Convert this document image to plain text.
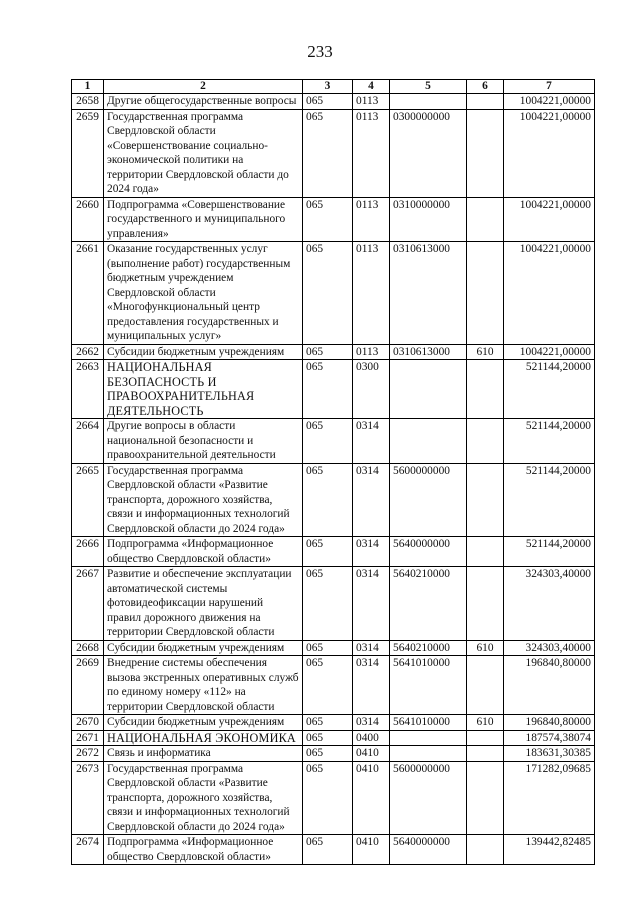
233
1	2	3	4	5	6	7
2658	Другие общегосударственные вопросы	065	0113			1004221,00000
2659	Государственная программа Свердловской области «Совершенствование социально-экономической политики на территории Свердловской области до 2024 года»	065	0113	0300000000		1004221,00000
2660	Подпрограмма «Совершенствование государственного и муниципального управления»	065	0113	0310000000		1004221,00000
2661	Оказание государственных услуг (выполнение работ) государственным бюджетным учреждением Свердловской области «Многофункциональный центр предоставления государственных и муниципальных услуг»	065	0113	0310613000		1004221,00000
2662	Субсидии бюджетным учреждениям	065	0113	0310613000	610	1004221,00000
2663	НАЦИОНАЛЬНАЯ БЕЗОПАСНОСТЬ И ПРАВООХРАНИТЕЛЬНАЯ ДЕЯТЕЛЬНОСТЬ	065	0300			521144,20000
2664	Другие вопросы в области национальной безопасности и правоохранительной деятельности	065	0314			521144,20000
2665	Государственная программа Свердловской области «Развитие транспорта, дорожного хозяйства, связи и информационных технологий Свердловской области до 2024 года»	065	0314	5600000000		521144,20000
2666	Подпрограмма «Информационное общество Свердловской области»	065	0314	5640000000		521144,20000
2667	Развитие и обеспечение эксплуатации автоматической системы фотовидеофиксации нарушений правил дорожного движения на территории Свердловской области	065	0314	5640210000		324303,40000
2668	Субсидии бюджетным учреждениям	065	0314	5640210000	610	324303,40000
2669	Внедрение системы обеспечения вызова экстренных оперативных служб по единому номеру «112» на территории Свердловской области	065	0314	5641010000		196840,80000
2670	Субсидии бюджетным учреждениям	065	0314	5641010000	610	196840,80000
2671	НАЦИОНАЛЬНАЯ ЭКОНОМИКА	065	0400			187574,38074
2672	Связь и информатика	065	0410			183631,30385
2673	Государственная программа Свердловской области «Развитие транспорта, дорожного хозяйства, связи и информационных технологий Свердловской области до 2024 года»	065	0410	5600000000		171282,09685
2674	Подпрограмма «Информационное общество Свердловской области»	065	0410	5640000000		139442,82485
